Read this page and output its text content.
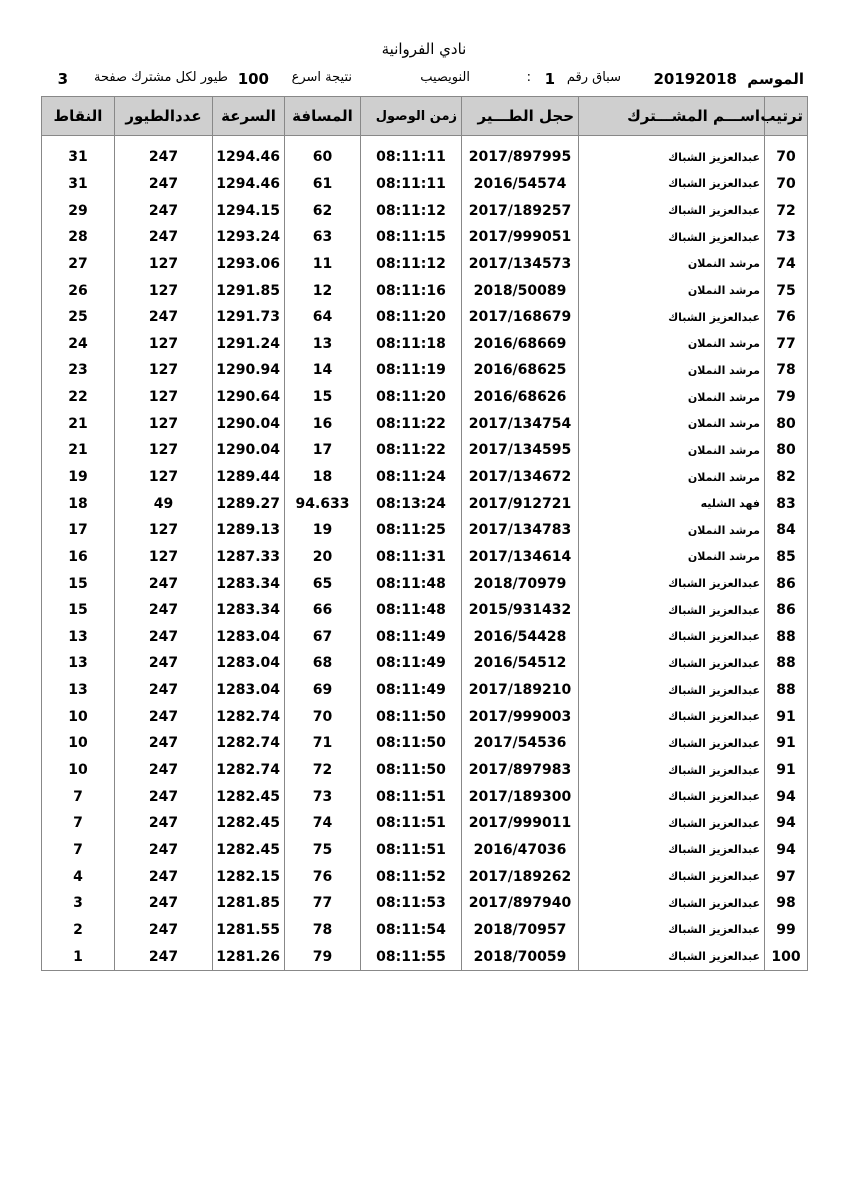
نادي الفروانية
الموسم
20192018
سباق رقم
1
:
النويصيب
نتيجة اسرع
100
طيور لكل مشترك صفحة
3
ترتيب	اســـم المشـــترك	حجل الطـــير	زمن الوصول	المسافة	السرعة	عددالطيور	النقاط

70	عبدالعزيز الشباك	2017/897995	08:11:11	60	1294.46	247	31
70	عبدالعزيز الشباك	2016/54574	08:11:11	61	1294.46	247	31
72	عبدالعزيز الشباك	2017/189257	08:11:12	62	1294.15	247	29
73	عبدالعزيز الشباك	2017/999051	08:11:15	63	1293.24	247	28
74	مرشد النملان	2017/134573	08:11:12	11	1293.06	127	27
75	مرشد النملان	2018/50089	08:11:16	12	1291.85	127	26
76	عبدالعزيز الشباك	2017/168679	08:11:20	64	1291.73	247	25
77	مرشد النملان	2016/68669	08:11:18	13	1291.24	127	24
78	مرشد النملان	2016/68625	08:11:19	14	1290.94	127	23
79	مرشد النملان	2016/68626	08:11:20	15	1290.64	127	22
80	مرشد النملان	2017/134754	08:11:22	16	1290.04	127	21
80	مرشد النملان	2017/134595	08:11:22	17	1290.04	127	21
82	مرشد النملان	2017/134672	08:11:24	18	1289.44	127	19
83	فهد الشليه	2017/912721	08:13:24	94.633	1289.27	49	18
84	مرشد النملان	2017/134783	08:11:25	19	1289.13	127	17
85	مرشد النملان	2017/134614	08:11:31	20	1287.33	127	16
86	عبدالعزيز الشباك	2018/70979	08:11:48	65	1283.34	247	15
86	عبدالعزيز الشباك	2015/931432	08:11:48	66	1283.34	247	15
88	عبدالعزيز الشباك	2016/54428	08:11:49	67	1283.04	247	13
88	عبدالعزيز الشباك	2016/54512	08:11:49	68	1283.04	247	13
88	عبدالعزيز الشباك	2017/189210	08:11:49	69	1283.04	247	13
91	عبدالعزيز الشباك	2017/999003	08:11:50	70	1282.74	247	10
91	عبدالعزيز الشباك	2017/54536	08:11:50	71	1282.74	247	10
91	عبدالعزيز الشباك	2017/897983	08:11:50	72	1282.74	247	10
94	عبدالعزيز الشباك	2017/189300	08:11:51	73	1282.45	247	7
94	عبدالعزيز الشباك	2017/999011	08:11:51	74	1282.45	247	7
94	عبدالعزيز الشباك	2016/47036	08:11:51	75	1282.45	247	7
97	عبدالعزيز الشباك	2017/189262	08:11:52	76	1282.15	247	4
98	عبدالعزيز الشباك	2017/897940	08:11:53	77	1281.85	247	3
99	عبدالعزيز الشباك	2018/70957	08:11:54	78	1281.55	247	2
100	عبدالعزيز الشباك	2018/70059	08:11:55	79	1281.26	247	1
